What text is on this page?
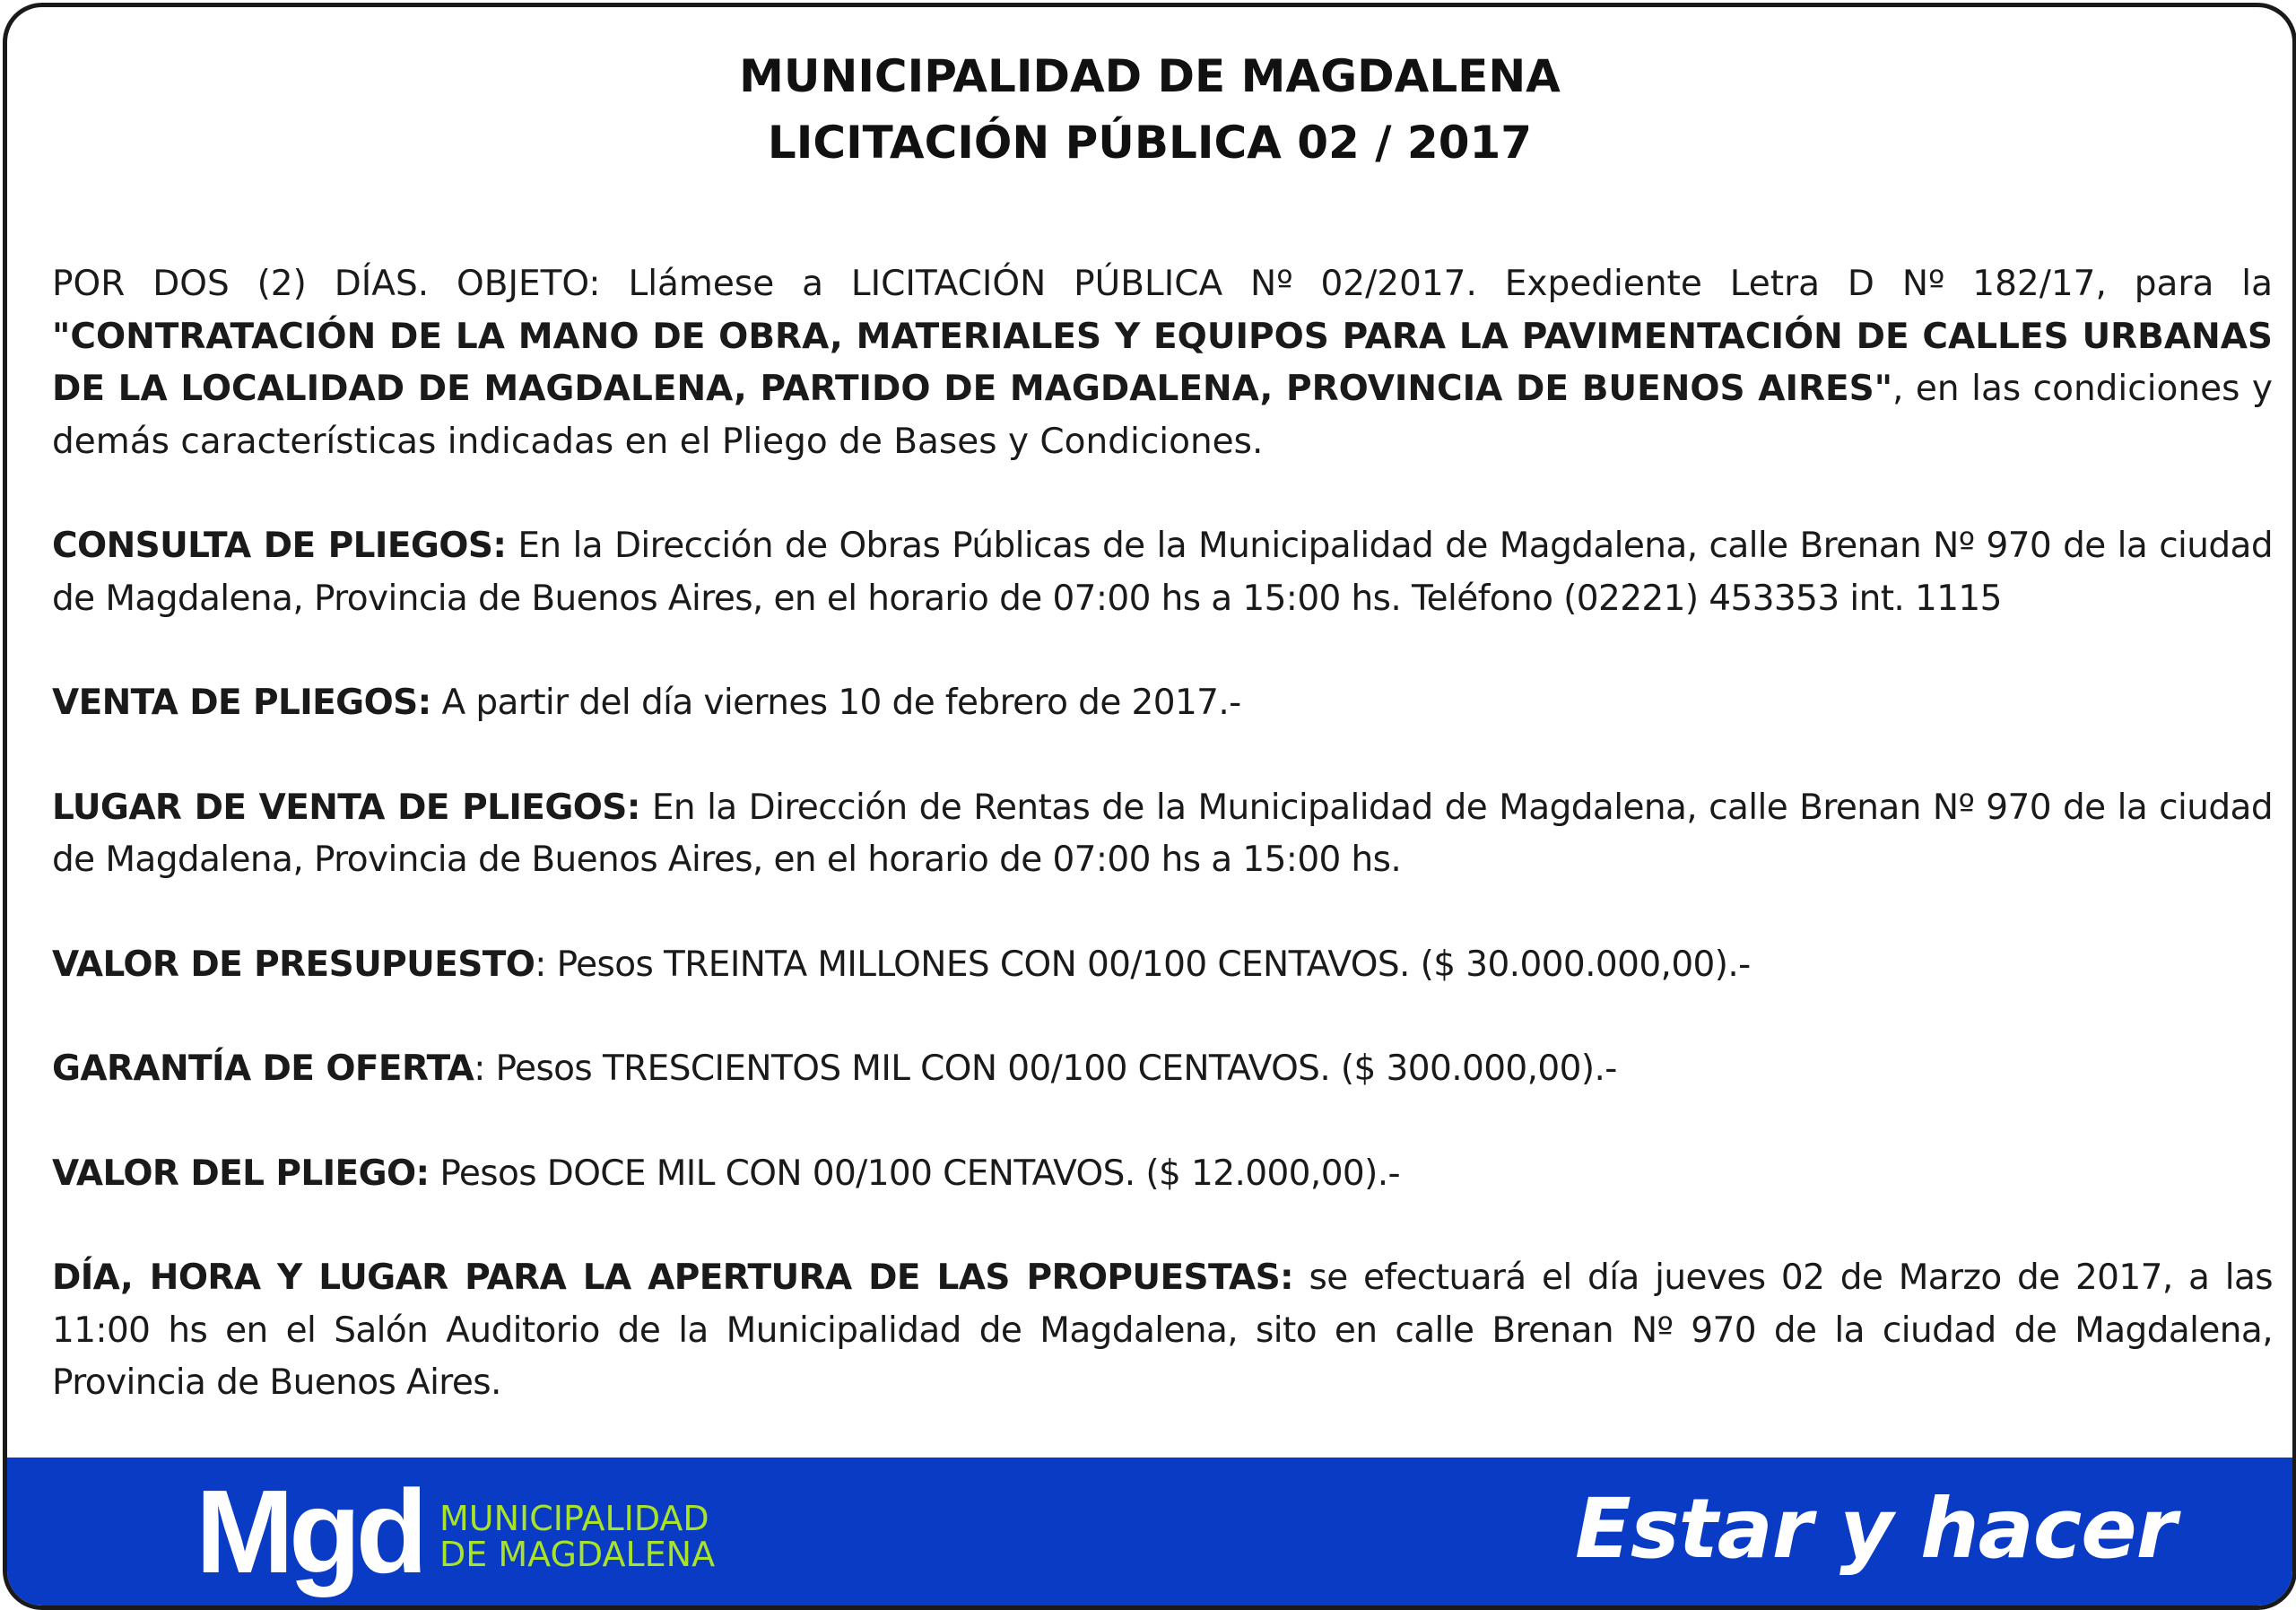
MUNICIPALIDAD DE MAGDALENA
LICITACIÓN PÚBLICA 02 / 2017

POR DOS (2) DÍAS. OBJETO: Llámese a LICITACIÓN PÚBLICA Nº 02/2017. Expediente Letra D Nº 182/17, para la "CONTRATACIÓN DE LA MANO DE OBRA, MATERIALES Y EQUIPOS PARA LA PAVIMENTACIÓN DE CALLES URBANAS DE LA LOCALIDAD DE MAGDALENA, PARTIDO DE MAGDALENA, PROVINCIA DE BUENOS AIRES", en las condiciones y demás características indicadas en el Pliego de Bases y Condiciones.

CONSULTA DE PLIEGOS: En la Dirección de Obras Públicas de la Municipalidad de Magdalena, calle Brenan Nº 970 de la ciudad de Magdalena, Provincia de Buenos Aires, en el horario de 07:00 hs a 15:00 hs. Teléfono (02221) 453353 int. 1115

VENTA DE PLIEGOS: A partir del día viernes 10 de febrero de 2017.-

LUGAR DE VENTA DE PLIEGOS: En la Dirección de Rentas de la Municipalidad de Magdalena, calle Brenan Nº 970 de la ciudad de Magdalena, Provincia de Buenos Aires, en el horario de 07:00 hs a 15:00 hs.

VALOR DE PRESUPUESTO: Pesos TREINTA MILLONES CON 00/100 CENTAVOS. ($ 30.000.000,00).-

GARANTÍA DE OFERTA: Pesos TRESCIENTOS MIL CON 00/100 CENTAVOS. ($ 300.000,00).-

VALOR DEL PLIEGO: Pesos DOCE MIL CON 00/100 CENTAVOS. ($ 12.000,00).-

DÍA, HORA Y LUGAR PARA LA APERTURA DE LAS PROPUESTAS: se efectuará el día jueves 02 de Marzo de 2017, a las 11:00 hs en el Salón Auditorio de la Municipalidad de Magdalena, sito en calle Brenan Nº 970 de la ciudad de Magdalena, Provincia de Buenos Aires.

Mgd MUNICIPALIDAD
DE MAGDALENA	Estar y hacer
